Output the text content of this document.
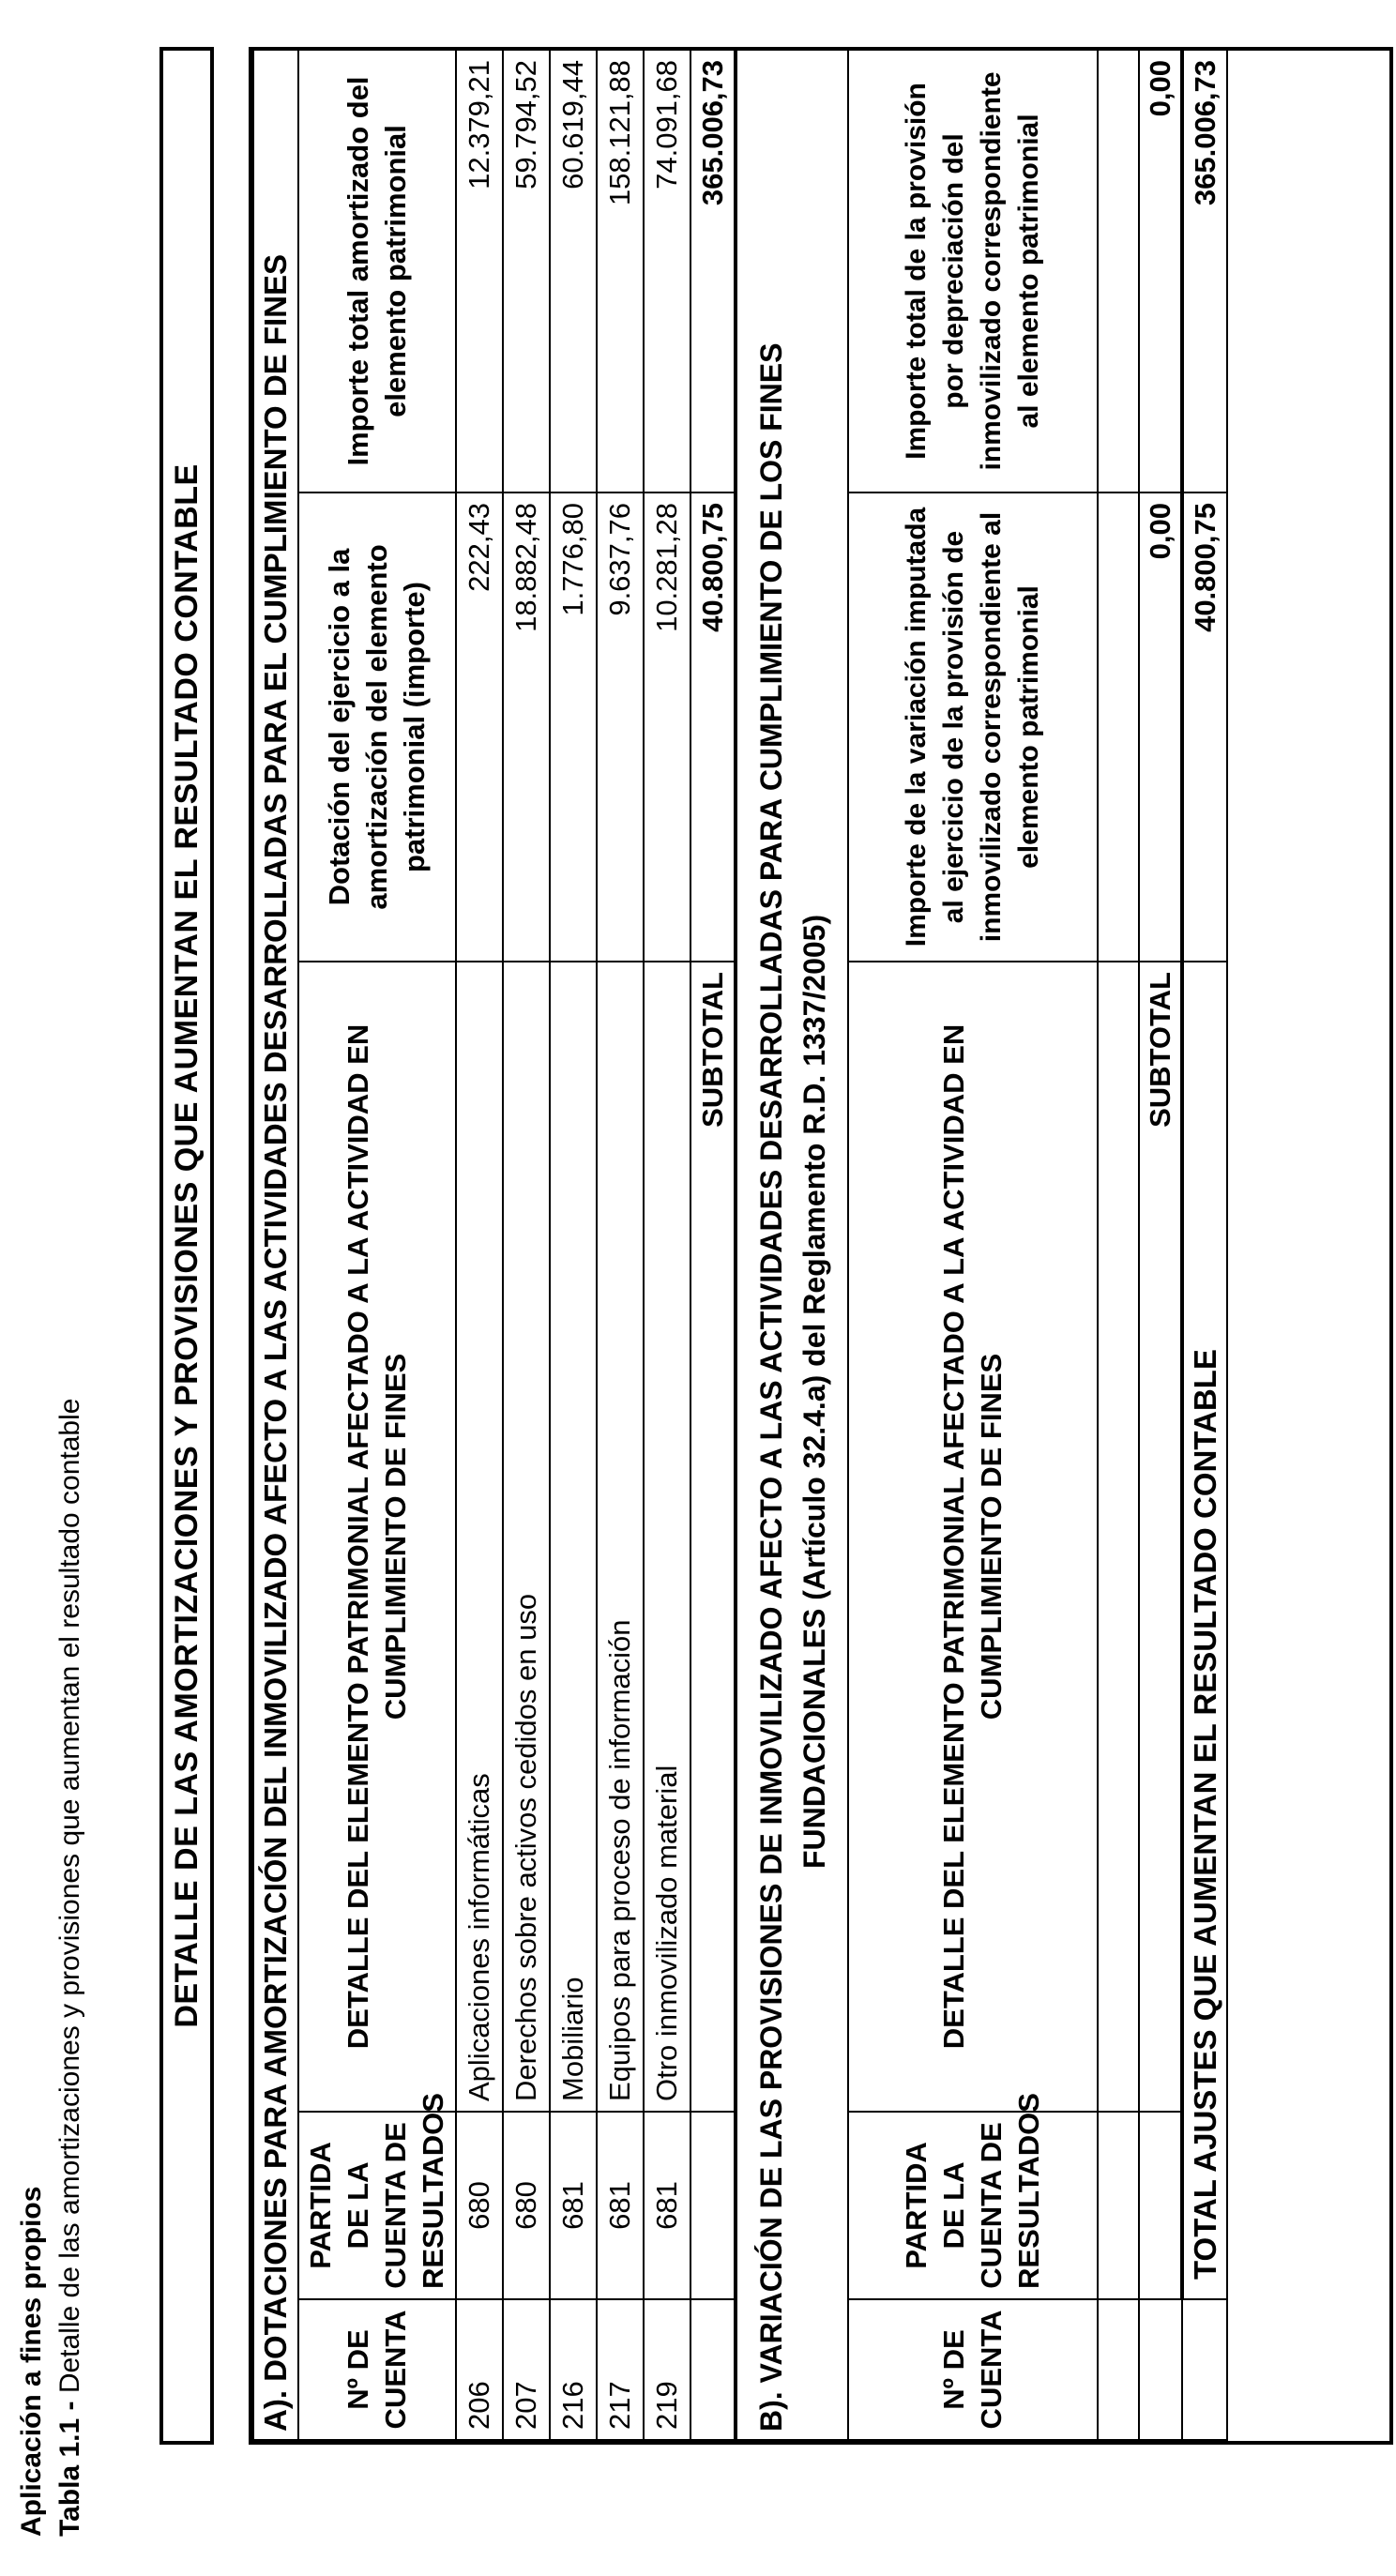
Aplicación a fines propios Tabla 1.1 - Detalle de las amortizaciones y provisiones que aumentan el resultado contable	DETALLE DE LAS AMORTIZACIONES Y PROVISIONES QUE AUMENTAN EL RESULTADO CONTABLE	A). DOTACIONES PARA AMORTIZACIÓN DEL INMOVILIZADO AFECTO A LAS ACTIVIDADES DESARROLLADAS PARA EL CUMPLIMIENTO DE FINES				
Nº DE CUENTA	PARTIDA DE LA CUENTA DE RESULTADOS	DETALLE DEL ELEMENTO PATRIMONIAL AFECTADO A LA ACTIVIDAD EN CUMPLIMIENTO DE FINES	Dotación del ejercicio a la amortización del elemento patrimonial (importe)	Importe total amortizado del elemento patrimonial
206	680	Aplicaciones informáticas	222,43	12.379,21
207	680	Derechos sobre activos cedidos en uso	18.882,48	59.794,52
216	681	Mobiliario	1.776,80	60.619,44
217	681	Equipos para proceso de información	9.637,76	158.121,88
219	681	Otro inmovilizado material	10.281,28	74.091,68
		SUBTOTAL	40.800,75	365.006,73
B). VARIACIÓN DE LAS PROVISIONES DE INMOVILIZADO AFECTO A LAS ACTIVIDADES DESARROLLADAS PARA CUMPLIMIENTO DE LOS FINES FUNDACIONALES (Artículo 32.4.a) del Reglamento R.D. 1337/2005)				

Nº DE CUENTA	PARTIDA DE LA CUENTA DE RESULTADOS	DETALLE DEL ELEMENTO PATRIMONIAL AFECTADO A LA ACTIVIDAD EN CUMPLIMIENTO DE FINES	Importe de la variación imputada al ejercicio de la provisión de inmovilizado correspondiente al elemento patrimonial	Importe total de la provisión por depreciación del inmovilizado correspondiente al elemento patrimonial

		SUBTOTAL	0,00	0,00
	TOTAL AJUSTES QUE AUMENTAN EL RESULTADO CONTABLE		40.800,75	365.006,73
